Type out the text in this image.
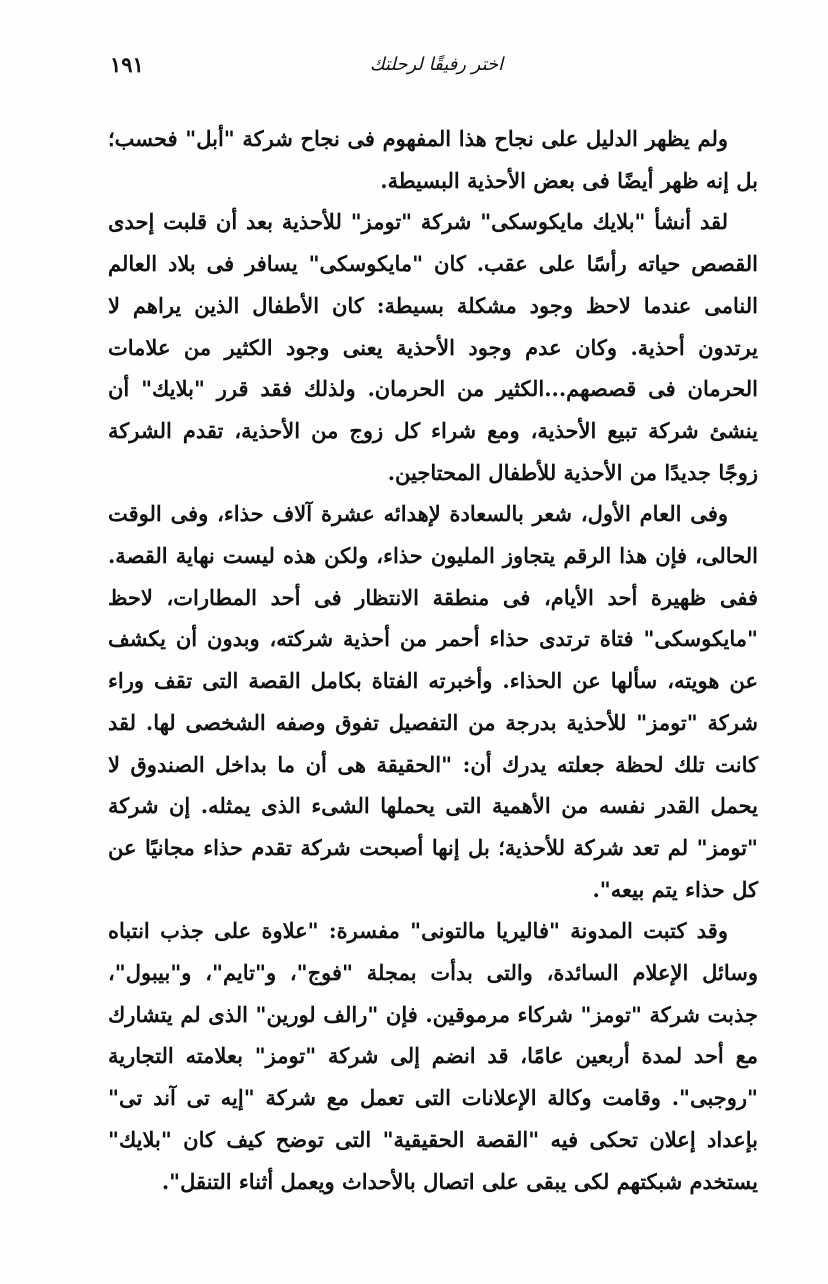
اختر رفيقًا لرحلتك
١٩١

ولم يظهر الدليل على نجاح هذا المفهوم فى نجاح شركة "أبل" فحسب؛ بل إنه ظهر أيضًا فى بعض الأحذية البسيطة.

لقد أنشأ "بلايك مايكوسكى" شركة "تومز" للأحذية بعد أن قلبت إحدى القصص حياته رأسًا على عقب. كان "مايكوسكى" يسافر فى بلاد العالم النامى عندما لاحظ وجود مشكلة بسيطة: كان الأطفال الذين يراهم لا يرتدون أحذية. وكان عدم وجود الأحذية يعنى وجود الكثير من علامات الحرمان فى قصصهم...الكثير من الحرمان. ولذلك فقد قرر "بلايك" أن ينشئ شركة تبيع الأحذية، ومع شراء كل زوج من الأحذية، تقدم الشركة زوجًا جديدًا من الأحذية للأطفال المحتاجين.

وفى العام الأول، شعر بالسعادة لإهدائه عشرة آلاف حذاء، وفى الوقت الحالى، فإن هذا الرقم يتجاوز المليون حذاء، ولكن هذه ليست نهاية القصة. ففى ظهيرة أحد الأيام، فى منطقة الانتظار فى أحد المطارات، لاحظ "مايكوسكى" فتاة ترتدى حذاء أحمر من أحذية شركته، وبدون أن يكشف عن هويته، سألها عن الحذاء. وأخبرته الفتاة بكامل القصة التى تقف وراء شركة "تومز" للأحذية بدرجة من التفصيل تفوق وصفه الشخصى لها. لقد كانت تلك لحظة جعلته يدرك أن: "الحقيقة هى أن ما بداخل الصندوق لا يحمل القدر نفسه من الأهمية التى يحملها الشىء الذى يمثله. إن شركة "تومز" لم تعد شركة للأحذية؛ بل إنها أصبحت شركة تقدم حذاء مجانيًا عن كل حذاء يتم بيعه".

وقد كتبت المدونة "فاليريا مالتونى" مفسرة: "علاوة على جذب انتباه وسائل الإعلام السائدة، والتى بدأت بمجلة "فوج"، و"تايم"، و"بيبول"، جذبت شركة "تومز" شركاء مرموقين. فإن "رالف لورين" الذى لم يتشارك مع أحد لمدة أربعين عامًا، قد انضم إلى شركة "تومز" بعلامته التجارية "روجبى". وقامت وكالة الإعلانات التى تعمل مع شركة "إيه تى آند تى" بإعداد إعلان تحكى فيه "القصة الحقيقية" التى توضح كيف كان "بلايك" يستخدم شبكتهم لكى يبقى على اتصال بالأحداث ويعمل أثناء التنقل".
